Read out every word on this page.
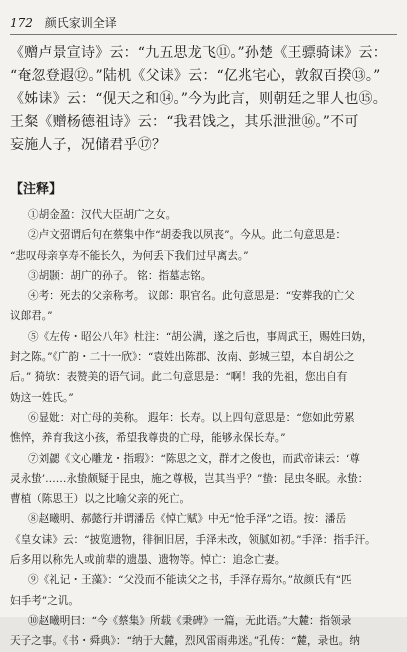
172 颜氏家训全译

《赠卢景宣诗》云：“九五思龙飞⑪。”孙楚《王骠骑诔》云：

“奄忽登遐⑫。”陆机《父诔》云：“亿兆宅心，敦叙百揆⑬。”

《姊诔》云：“伣天之和⑭。”今为此言，则朝廷之罪人也⑮。

王粲《赠杨德祖诗》云：“我君饯之，其乐泄泄⑯。”不可

妄施人子，况储君乎⑰？

【注释】

①胡金盈：汉代大臣胡广之女。

②卢文弨谓后句在蔡集中作“胡委我以夙丧”。今从。此二句意思是：

“悲叹母亲享寿不能长久，为何丢下我们过早离去。”

③胡颢：胡广的孙子。 铭：指墓志铭。

④考：死去的父亲称考。 议郎：职官名。此句意思是：“安葬我的亡父

议郎君。”

⑤《左传・昭公八年》杜注：“胡公满，遂之后也，事周武王，赐姓曰妫，

封之陈。”《广韵・二十一欣》：“袁姓出陈郡、汝南、彭城三望，本自胡公之

后。” 猗欤：表赞美的语气词。此二句意思是：“啊！我的先祖，您出自有

妫这一姓氏。”

⑥显妣：对亡母的美称。 遐年：长寿。以上四句意思是：“您如此劳累

憔悴，养育我这小孩，希望我尊贵的亡母，能够永保长寿。”

⑦刘勰《文心雕龙・指瑕》：“陈思之文，群才之俊也，而武帝诔云：‘尊

灵永蛰’……永蛰颇疑于昆虫，施之尊极，岂其当乎？”蛰：昆虫冬眠。永蛰：

曹植（陈思王）以之比喻父亲的死亡。

⑧赵曦明、郝懿行并谓潘岳《悼亡赋》中无“怆手泽”之语。按：潘岳

《皇女诔》云：“披览遗物，徘徊旧居，手泽未改，领腻如初。”手泽：指手汗。

后多用以称先人或前辈的遗墨、遗物等。悼亡：追念亡妻。

⑨《礼记・王藻》：“父没而不能读父之书，手泽存焉尔。”故颜氏有“匹

妇手考”之讥。

⑩赵曦明曰：“今《蔡集》所载《秉碑》一篇，无此语。”大麓：指领录

天子之事。《书・舜典》：“纳于大麓，烈风雷雨弗迷。”孔传：“麓，录也。纳
